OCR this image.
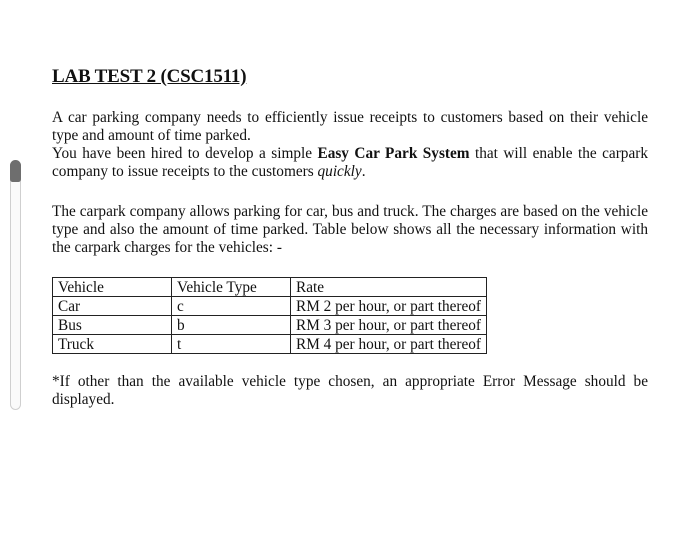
LAB TEST 2 (CSC1511)

A car parking company needs to efficiently issue receipts to customers based on their vehicle type and amount of time parked.
You have been hired to develop a simple Easy Car Park System that will enable the carpark company to issue receipts to the customers quickly.

The carpark company allows parking for car, bus and truck. The charges are based on the vehicle type and also the amount of time parked. Table below shows all the necessary information with the carpark charges for the vehicles: -

Vehicle	Vehicle Type	Rate
Car	c	RM 2 per hour, or part thereof
Bus	b	RM 3 per hour, or part thereof
Truck	t	RM 4 per hour, or part thereof

*If other than the available vehicle type chosen, an appropriate Error Message should be displayed.
